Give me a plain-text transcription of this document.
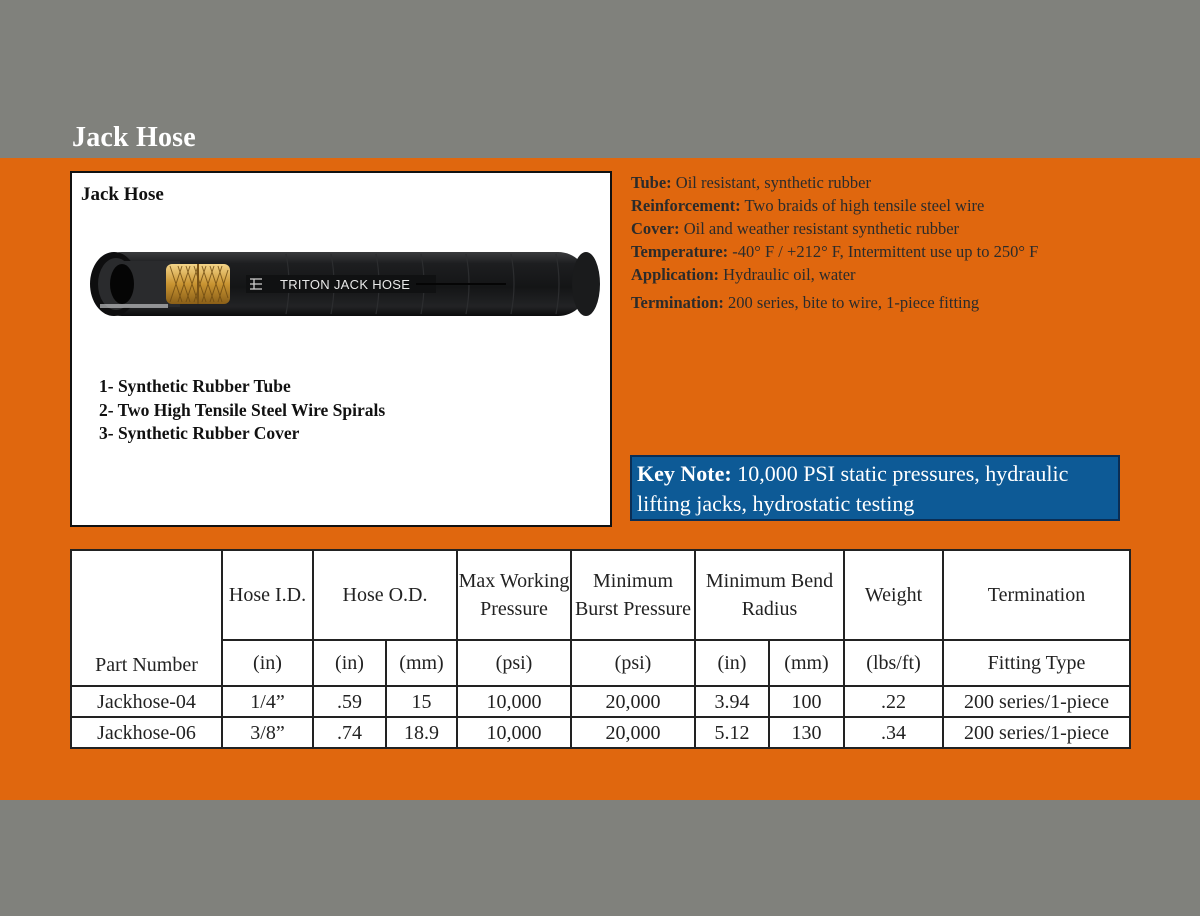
Jack Hose
Jack Hose
TRITON JACK HOSE
1- Synthetic Rubber Tube
2- Two High Tensile Steel Wire Spirals
3- Synthetic Rubber Cover
Tube: Oil resistant, synthetic rubber
Reinforcement: Two braids of high tensile steel wire
Cover: Oil and weather resistant synthetic rubber
Temperature: -40° F / +212° F, Intermittent use up to 250° F
Application: Hydraulic oil, water
Termination: 200 series, bite to wire, 1-piece fitting
Key Note: 10,000 PSI static pressures, hydraulic lifting jacks, hydrostatic testing
Part Number	Hose I.D.	Hose O.D.		Max Working Pressure	Minimum Burst Pressure	Minimum Bend Radius		Weight	Termination
	(in)	(in)	(mm)	(psi)	(psi)	(in)	(mm)	(lbs/ft)	Fitting Type
Jackhose-04	1/4”	.59	15	10,000	20,000	3.94	100	.22	200 series/1-piece
Jackhose-06	3/8”	.74	18.9	10,000	20,000	5.12	130	.34	200 series/1-piece
